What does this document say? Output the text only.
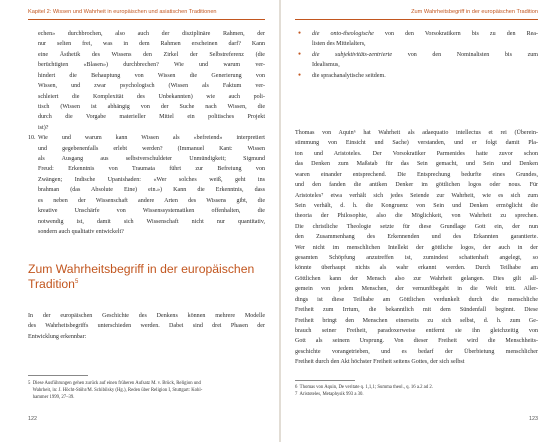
Kapitel 2: Wissen und Wahrheit in europäischen und asiatischen Traditionen
echen» durchbrochen, also auch der disziplinäre Rahmen, der
nur selten frei, was in dem Rahmen erscheinen darf? Kann
eine Ästhetik des Wissens den Zirkel der Selbstreferenz (die
berüchtigten «Blasen») durchbrechen? Wie und warum ver-
hindert die Behauptung von Wissen die Generierung von
Wissen, und zwar psychologisch (Wissen als Faktum ver-
schleiert die Komplexität des Unbekannten) wie auch poli-
tisch (Wissen ist abhängig von der Suche nach Wissen, die
durch die Vorgabe materieller Mittel ein politisches Projekt
ist)?
10. Wie und warum kann Wissen als «befreiend» interpretiert
und gegebenenfalls erlebt werden? (Immanuel Kant: Wissen
als Ausgang aus selbstverschuldeter Unmündigkeit; Sigmund
Freud: Erkenntnis von Traumata führt zur Befreiung von
Zwängen; Indische Upanishaden: «Wer solches weiß, geht ins
brahman (das Absolute Eine) ein.») Kann die Erkenntnis, dass
es neben der Wissenschaft andere Arten des Wissens gibt, die
kreative Unschärfe von Wissenssystematiken offenhalten, die
notwendig ist, damit sich Wissenschaft nicht nur quantitativ,
sondern auch qualitativ entwickelt?
Zum Wahrheitsbegriff in der europäischen
Tradition$^5$
In der europäischen Geschichte des Denkens können mehrere Modelle
des Wahrheitsbegriffs unterschieden werden. Dabei sind drei Phasen der
Entwicklung erkennbar:
5  Diese Ausführungen gehen zurück auf einen früheren Aufsatz M. v. Brück, Religion und
Wahrheit, in: J. Höcht-Stöhr/M. Schibilsky (Hg.), Reden über Religion I, Stuttgart: Kohl-
hammer 1999, 27–39.
122
Zum Wahrheitsbegriff in der europäischen Tradition
● die onto-theologische von den Vorsokratikern bis zu den Rea-
listen des Mittelalters,
● die subjektivitäts-zentrierte von den Nominalisten bis zum
Idealismus,
● die sprachanalytische seitdem.
Thomas von Aquin⁶ hat Wahrheit als adaequatio intellectus et rei (Überein-
stimmung von Einsicht und Sache) verstanden, und er folgt damit Pla-
ton und Aristoteles. Der Vorsokratiker Parmenides hatte zuvor schon
das Denken zum Maßstab für das Sein gemacht, und Sein und Denken
waren einander entsprechend. Die Entsprechung bedurfte eines Grundes,
und den fanden die antiken Denker im göttlichen logos oder nous. Für
Aristoteles⁷ etwa verhält sich jedes Seiende zur Wahrheit, wie es sich zum
Sein verhält, d. h. die Kongruenz von Sein und Denken ermöglicht die
theoria der Philosophie, also die Möglichkeit, von Wahrheit zu sprechen.
Die christliche Theologie setzte für diese Grundlage Gott ein, der nun
den Zusammenhang des Erkennenden und des Erkannten garantierte.
Wer nicht im menschlichen Intellekt der göttliche logos, der auch in der
gesamten Schöpfung anzutreffen ist, zumindest schattenhaft angelegt, so
könnte überhaupt nichts als wahr erkannt werden. Durch Teilhabe am
Göttlichen kann der Mensch also zur Wahrheit gelangen. Dies gilt all-
gemein von jedem Menschen, der vernunftbegabt in die Welt tritt. Aller-
dings ist diese Teilhabe am Göttlichen verdunkelt durch die menschliche
Freiheit zum Irrtum, die bekanntlich mit dem Sündenfall beginnt. Diese
Freiheit bringt den Menschen einerseits zu sich selbst, d. h. zum Ge-
brauch seiner Freiheit, paradoxerweise entfernt sie ihn gleichzeitig von
Gott als seinem Ursprung. Von dieser Freiheit wird die Menschheits-
geschichte vorangetrieben, und es bedarf der Überbietung menschlicher
Freiheit durch den Akt höchster Freiheit seitens Gottes, der sich selbst
6  Thomas von Aquin, De veritate q. 1,1,1; Summa theol., q. 16 a.2 ad 2.
7  Aristoteles, Metaphysik 993 a 30.
123
